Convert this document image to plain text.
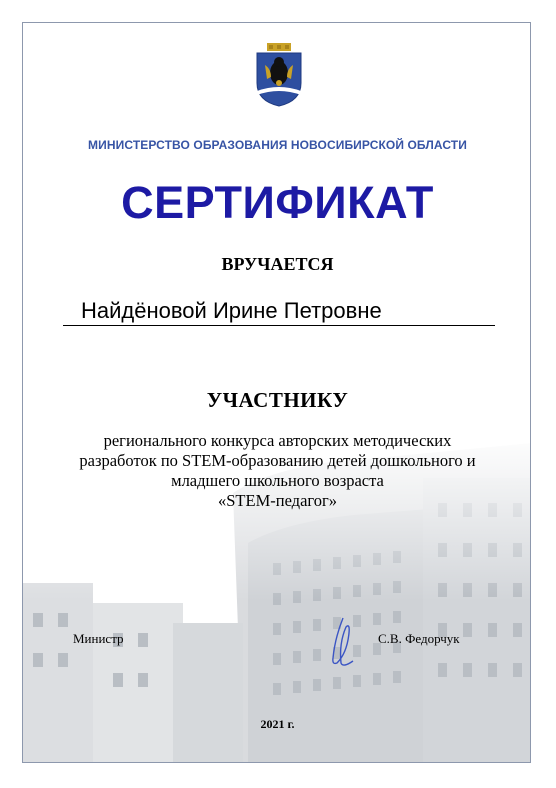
МИНИСТЕРСТВО ОБРАЗОВАНИЯ НОВОСИБИРСКОЙ ОБЛАСТИ
СЕРТИФИКАТ
ВРУЧАЕТСЯ
Найдёновой Ирине Петровне
УЧАСТНИКУ
регионального конкурса авторских методических
разработок по STEM-образованию детей дошкольного и
младшего школьного возраста
«STEM-педагог»
Министр	С.В. Федорчук
2021 г.
